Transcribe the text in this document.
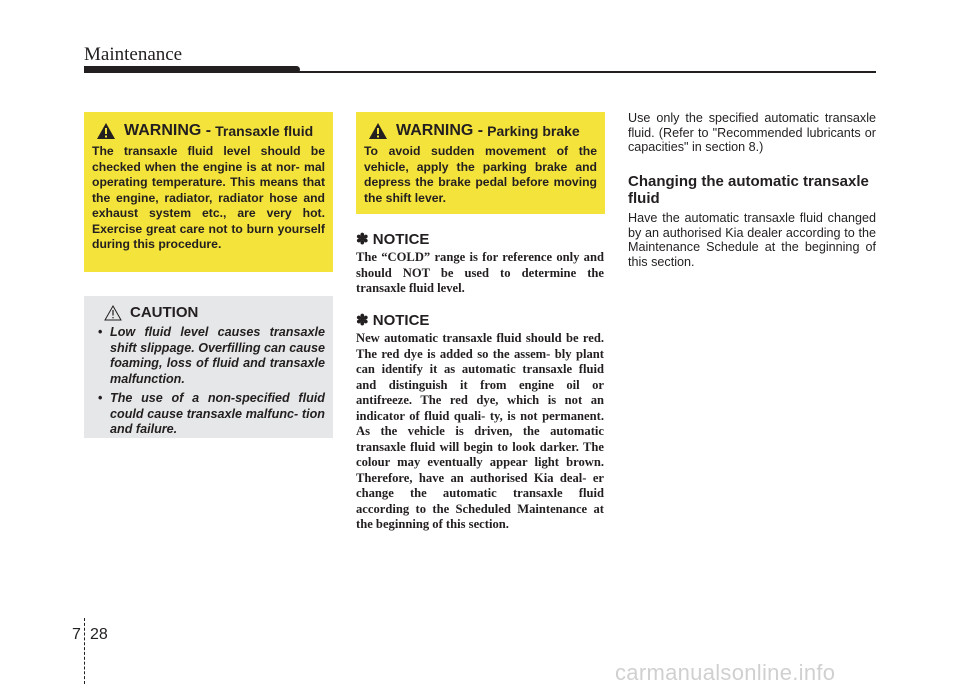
Maintenance
WARNING - Transaxle fluid
The transaxle fluid level should be checked when the engine is at nor- mal operating temperature. This means that the engine, radiator, radiator hose and exhaust system etc., are very hot. Exercise great care not to burn yourself during this procedure.
CAUTION
• Low fluid level causes transaxle shift slippage. Overfilling can cause foaming, loss of fluid and transaxle malfunction.
• The use of a non-specified fluid could cause transaxle malfunc- tion and failure.
WARNING - Parking brake
To avoid sudden movement of the vehicle, apply the parking brake and depress the brake pedal before moving the shift lever.
✽ NOTICE
The “COLD” range is for reference only and should NOT be used to determine the transaxle fluid level.
✽ NOTICE
New automatic transaxle fluid should be red. The red dye is added so the assem- bly plant can identify it as automatic transaxle fluid and distinguish it from engine oil or antifreeze. The red dye, which is not an indicator of fluid quali- ty, is not permanent. As the vehicle is driven, the automatic transaxle fluid will begin to look darker. The colour may eventually appear light brown. Therefore, have an authorised Kia deal- er change the automatic transaxle fluid according to the Scheduled Maintenance at the beginning of this section.
Use only the specified automatic transaxle fluid. (Refer to "Recommended lubricants or capacities" in section 8.)
Changing the automatic transaxle fluid
Have the automatic transaxle fluid changed by an authorised Kia dealer according to the Maintenance Schedule at the beginning of this section.
7 28
carmanualsonline.info
